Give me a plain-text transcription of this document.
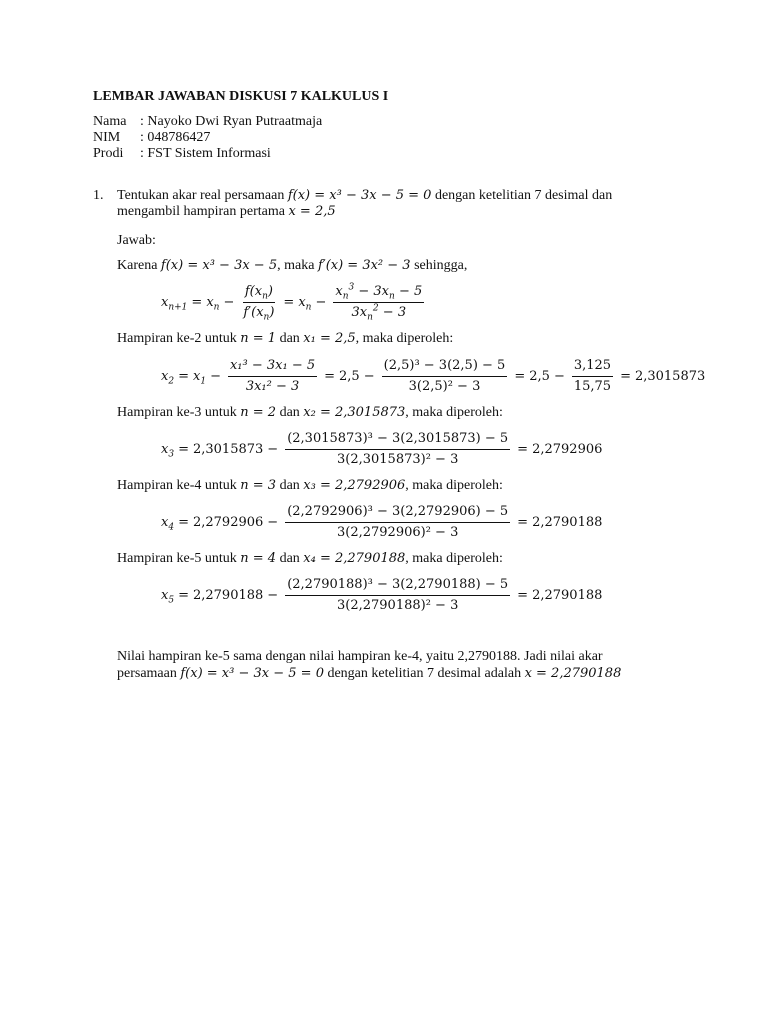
LEMBAR JAWABAN DISKUSI 7 KALKULUS I
Nama : Nayoko Dwi Ryan Putraatmaja
NIM : 048786427
Prodi : FST Sistem Informasi
1. Tentukan akar real persamaan f(x) = x³ − 3x − 5 = 0 dengan ketelitian 7 desimal dan
mengambil hampiran pertama x = 2,5
Jawab:
Karena f(x) = x³ − 3x − 5, maka f′(x) = 3x² − 3 sehingga,
$x_{n+1} = x_n - \frac{f(x_n)}{f'(x_n)} = x_n - \frac{x_n^3 - 3x_n - 5}{3x_n^2 - 3}$
Hampiran ke-2 untuk n = 1 dan x₁ = 2,5, maka diperoleh:
$x_2 = x_1 - \frac{\text{x₁³ − 3x₁ − 5}}{\text{3x₁² − 3}} = 2,5 - \frac{\text{(2,5)³ − 3(2,5) − 5}}{\text{3(2,5)² − 3}} = 2,5 - \frac{3,125}{15,75} = 2,3015873$
Hampiran ke-3 untuk n = 2 dan x₂ = 2,3015873, maka diperoleh:
$x_3 = 2,3015873 - \frac{\text{(2,3015873)³ − 3(2,3015873) − 5}}{\text{3(2,3015873)² − 3}} = 2,2792906$
Hampiran ke-4 untuk n = 3 dan x₃ = 2,2792906, maka diperoleh:
$x_4 = 2,2792906 - \frac{\text{(2,2792906)³ − 3(2,2792906) − 5}}{\text{3(2,2792906)² − 3}} = 2,2790188$
Hampiran ke-5 untuk n = 4 dan x₄ = 2,2790188, maka diperoleh:
$x_5 = 2,2790188 - \frac{\text{(2,2790188)³ − 3(2,2790188) − 5}}{\text{3(2,2790188)² − 3}} = 2,2790188$
Nilai hampiran ke-5 sama dengan nilai hampiran ke-4, yaitu 2,2790188. Jadi nilai akar
persamaan f(x) = x³ − 3x − 5 = 0 dengan ketelitian 7 desimal adalah x = 2,2790188
